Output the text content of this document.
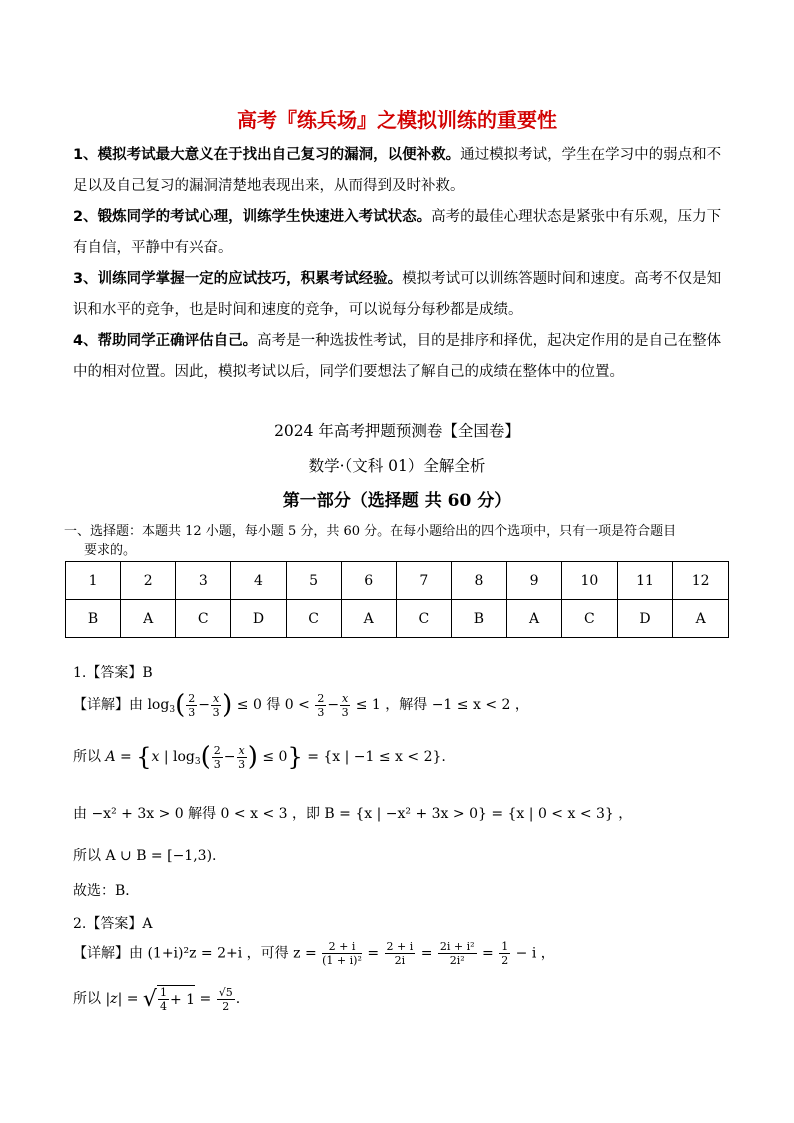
高考『练兵场』之模拟训练的重要性
1、模拟考试最大意义在于找出自己复习的漏洞，以便补救。通过模拟考试，学生在学习中的弱点和不
足以及自己复习的漏洞清楚地表现出来，从而得到及时补救。
2、锻炼同学的考试心理，训练学生快速进入考试状态。高考的最佳心理状态是紧张中有乐观，压力下
有自信，平静中有兴奋。
3、训练同学掌握一定的应试技巧，积累考试经验。模拟考试可以训练答题时间和速度。高考不仅是知
识和水平的竞争，也是时间和速度的竞争，可以说每分每秒都是成绩。
4、帮助同学正确评估自己。高考是一种选拔性考试，目的是排序和择优，起决定作用的是自己在整体
中的相对位置。因此，模拟考试以后，同学们要想法了解自己的成绩在整体中的位置。
2024 年高考押题预测卷【全国卷】
数学·（文科 01）全解全析
第一部分（选择题 共 60 分）
一、选择题：本题共 12 小题，每小题 5 分，共 60 分。在每小题给出的四个选项中，只有一项是符合题目
要求的。
1	2	3	4	5	6	7	8	9	10	11	12
B	A	C	D	C	A	C	B	A	C	D	A
1.【答案】B
【详解】由 $\log_3( \frac{2}{3} - \frac{x}{3}$ ) ≤ 0 得 $0 < \frac{2}{3} - \frac{x}{3} \le 1$ ，解得 −1 ≤ x < 2 ，
所以 A = {x | $\log_3( \frac{2}{3} - \frac{x}{3}$ ) ≤ 0} = {x | −1 ≤ x < 2}.
由 −x² + 3x > 0 解得 0 < x < 3 ，即 B = {x | −x² + 3x > 0} = {x | 0 < x < 3} ，
所以 A ∪ B = [−1,3).
故选：B．
2.【答案】A
【详解】由 (1+i)²z = 2+i ，可得 $z = \frac{2 + i}{\text{(1 + i)²}} = \frac{2 + i}{2i} = \frac{\text{2i + i²}}{\text{2i²}} = \frac{1}{2} - i$ ，
所以 |z| = √ $\frac{1}{4} + 1 = \frac{√5}{2}$ .
